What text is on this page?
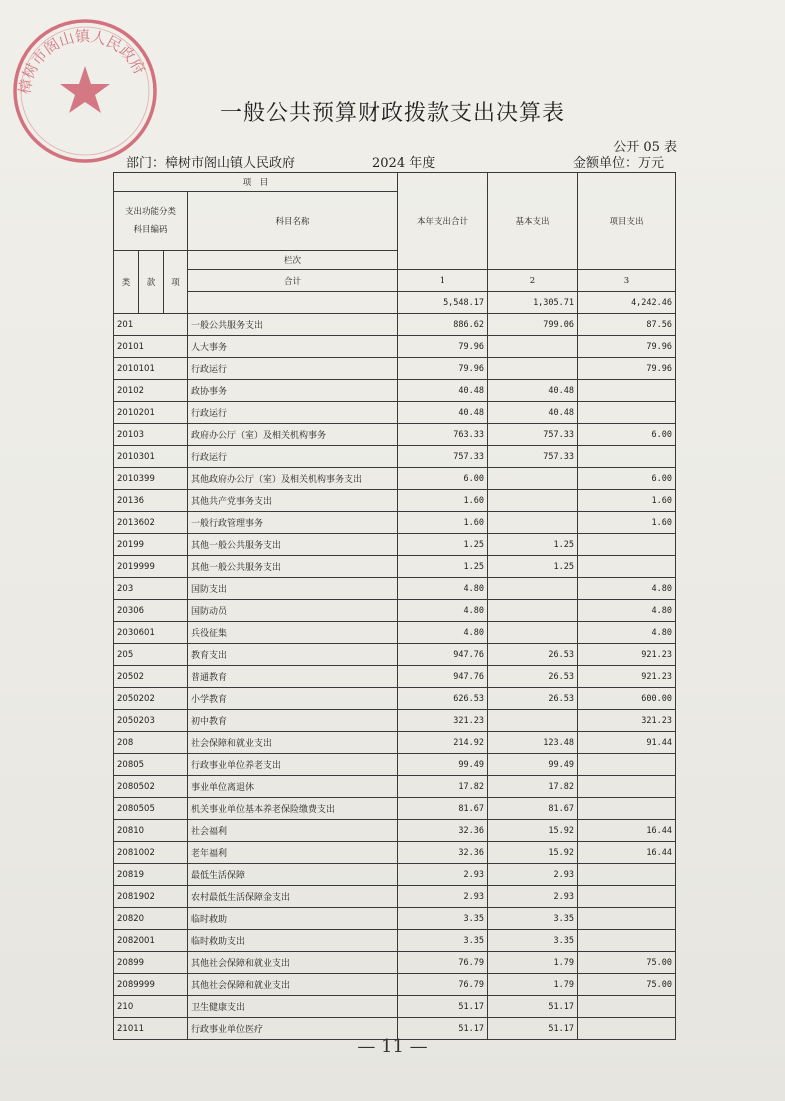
樟树市阁山镇人民政府
一般公共预算财政拨款支出决算表
公开 05 表
部门：樟树市阁山镇人民政府	2024 年度	金额单位：万元
项　目				本年支出合计	基本支出	项目支出

支出功能分类
科目编码			科目名称			

类	款	项	栏次			
			合计	1	2	3
				5,548.17	1,305.71	4,242.46
201			一般公共服务支出	886.62	799.06	87.56
20101			人大事务	79.96		79.96
2010101			行政运行	79.96		79.96
20102			政协事务	40.48	40.48	
2010201			行政运行	40.48	40.48	
20103			政府办公厅（室）及相关机构事务	763.33	757.33	6.00
2010301			行政运行	757.33	757.33	
2010399			其他政府办公厅（室）及相关机构事务支出	6.00		6.00
20136			其他共产党事务支出	1.60		1.60
2013602			一般行政管理事务	1.60		1.60
20199			其他一般公共服务支出	1.25	1.25	
2019999			其他一般公共服务支出	1.25	1.25	
203			国防支出	4.80		4.80
20306			国防动员	4.80		4.80
2030601			兵役征集	4.80		4.80
205			教育支出	947.76	26.53	921.23
20502			普通教育	947.76	26.53	921.23
2050202			小学教育	626.53	26.53	600.00
2050203			初中教育	321.23		321.23
208			社会保障和就业支出	214.92	123.48	91.44
20805			行政事业单位养老支出	99.49	99.49	
2080502			事业单位离退休	17.82	17.82	
2080505			机关事业单位基本养老保险缴费支出	81.67	81.67	
20810			社会福利	32.36	15.92	16.44
2081002			老年福利	32.36	15.92	16.44
20819			最低生活保障	2.93	2.93	
2081902			农村最低生活保障金支出	2.93	2.93	
20820			临时救助	3.35	3.35	
2082001			临时救助支出	3.35	3.35	
20899			其他社会保障和就业支出	76.79	1.79	75.00
2089999			其他社会保障和就业支出	76.79	1.79	75.00
210			卫生健康支出	51.17	51.17	
21011			行政事业单位医疗	51.17	51.17	
— 11 —
